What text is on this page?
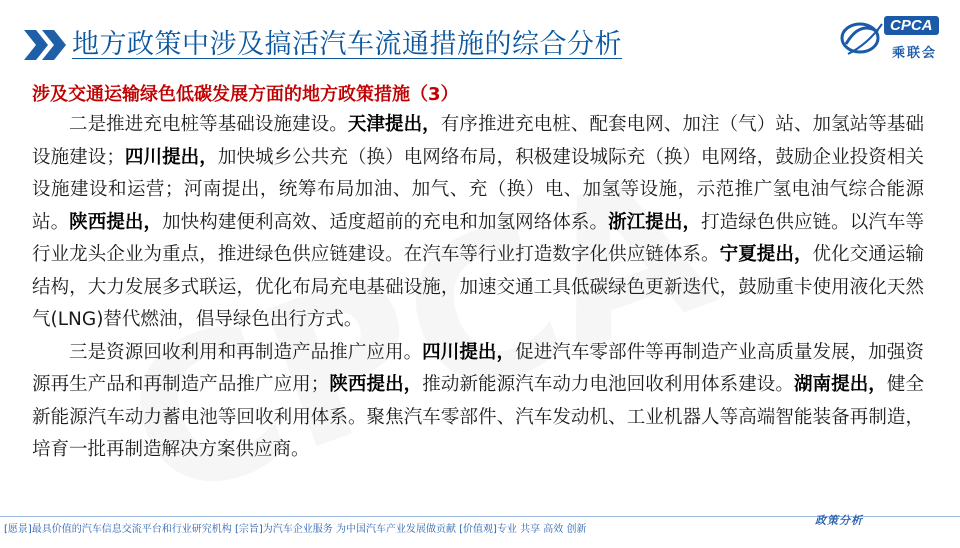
地方政策中涉及搞活汽车流通措施的综合分析
CPCA
乘联会
涉及交通运输绿色低碳发展方面的地方政策措施（3）

二是推进充电桩等基础设施建设。天津提出，有序推进充电桩、配套电网、加注（气）站、加氢站等基础设施建设；四川提出，加快城乡公共充（换）电网络布局，积极建设城际充（换）电网络，鼓励企业投资相关设施建设和运营；河南提出，统筹布局加油、加气、充（换）电、加氢等设施，示范推广氢电油气综合能源站。陕西提出，加快构建便利高效、适度超前的充电和加氢网络体系。浙江提出，打造绿色供应链。以汽车等行业龙头企业为重点，推进绿色供应链建设。在汽车等行业打造数字化供应链体系。宁夏提出，优化交通运输结构，大力发展多式联运，优化布局充电基础设施，加速交通工具低碳绿色更新迭代，鼓励重卡使用液化天然气(LNG)替代燃油，倡导绿色出行方式。

三是资源回收利用和再制造产品推广应用。四川提出，促进汽车零部件等再制造产业高质量发展，加强资源再生产品和再制造产品推广应用；陕西提出，推动新能源汽车动力电池回收利用体系建设。湖南提出，健全新能源汽车动力蓄电池等回收利用体系。聚焦汽车零部件、汽车发动机、工业机器人等高端智能装备再制造，培育一批再制造解决方案供应商。

[愿景]最具价值的汽车信息交流平台和行业研究机构 [宗旨]为汽车企业服务 为中国汽车产业发展做贡献 [价值观]专业 共享 高效 创新
政策分析
